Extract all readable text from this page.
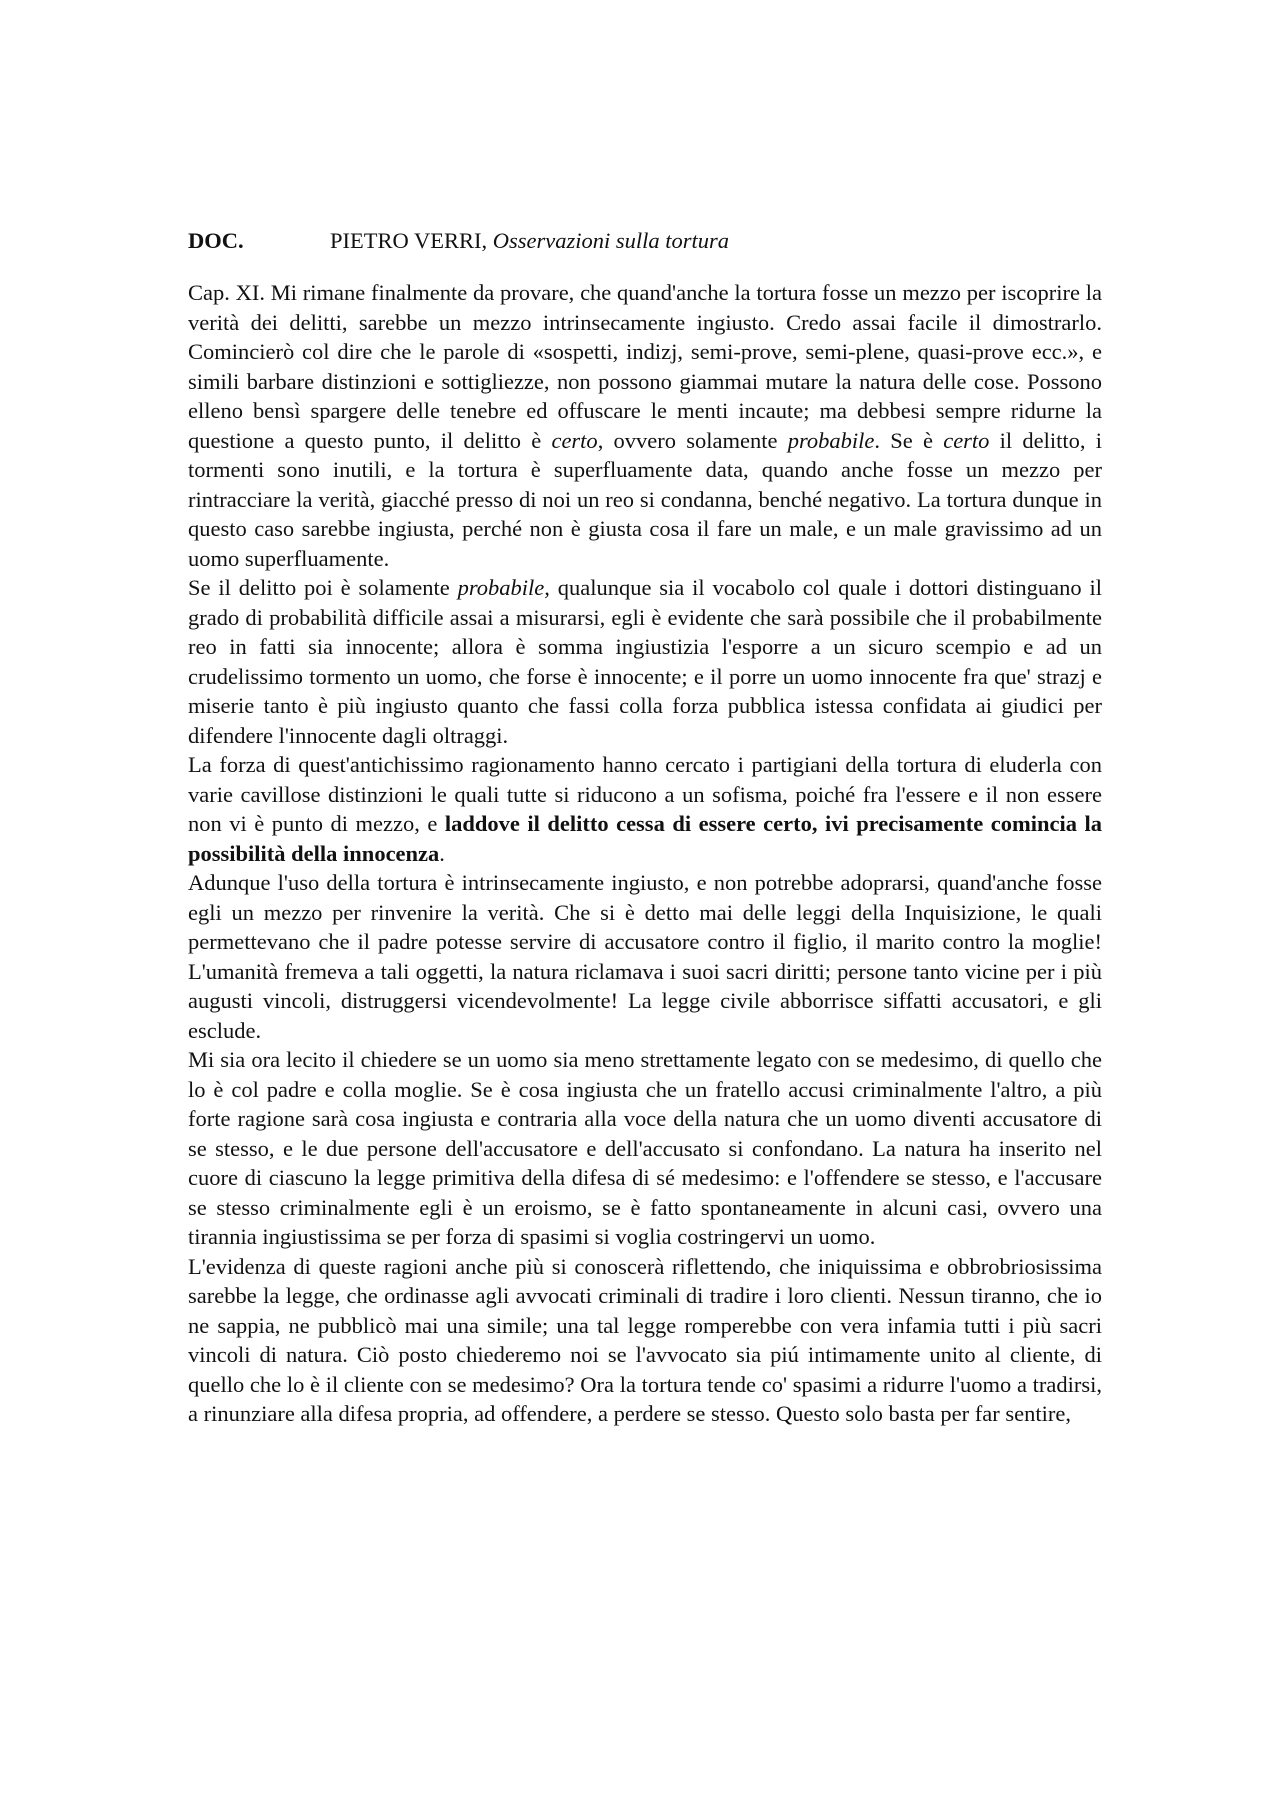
DOC.	PIETRO VERRI, Osservazioni sulla tortura

Cap. XI. Mi rimane finalmente da provare, che quand'anche la tortura fosse un mezzo per iscoprire la verità dei delitti, sarebbe un mezzo intrinsecamente ingiusto. Credo assai facile il dimostrarlo. Comincierò col dire che le parole di «sospetti, indizj, semi-prove, semi-plene, quasi-prove ecc.», e simili barbare distinzioni e sottigliezze, non possono giammai mutare la natura delle cose. Possono elleno bensì spargere delle tenebre ed offuscare le menti incaute; ma debbesi sempre ridurne la questione a questo punto, il delitto è certo, ovvero solamente probabile. Se è certo il delitto, i tormenti sono inutili, e la tortura è superfluamente data, quando anche fosse un mezzo per rintracciare la verità, giacché presso di noi un reo si condanna, benché negativo. La tortura dunque in questo caso sarebbe ingiusta, perché non è giusta cosa il fare un male, e un male gravissimo ad un uomo superfluamente.

Se il delitto poi è solamente probabile, qualunque sia il vocabolo col quale i dottori distinguano il grado di probabilità difficile assai a misurarsi, egli è evidente che sarà possibile che il probabilmente reo in fatti sia innocente; allora è somma ingiustizia l'esporre a un sicuro scempio e ad un crudelissimo tormento un uomo, che forse è innocente; e il porre un uomo innocente fra que' strazj e miserie tanto è più ingiusto quanto che fassi colla forza pubblica istessa confidata ai giudici per difendere l'innocente dagli oltraggi.

La forza di quest'antichissimo ragionamento hanno cercato i partigiani della tortura di eluderla con varie cavillose distinzioni le quali tutte si riducono a un sofisma, poiché fra l'essere e il non essere non vi è punto di mezzo, e laddove il delitto cessa di essere certo, ivi precisamente comincia la possibilità della innocenza.

Adunque l'uso della tortura è intrinsecamente ingiusto, e non potrebbe adoprarsi, quand'anche fosse egli un mezzo per rinvenire la verità. Che si è detto mai delle leggi della Inquisizione, le quali permettevano che il padre potesse servire di accusatore contro il figlio, il marito contro la moglie! L'umanità fremeva a tali oggetti, la natura riclamava i suoi sacri diritti; persone tanto vicine per i più augusti vincoli, distruggersi vicendevolmente! La legge civile abborrisce siffatti accusatori, e gli esclude.

Mi sia ora lecito il chiedere se un uomo sia meno strettamente legato con se medesimo, di quello che lo è col padre e colla moglie. Se è cosa ingiusta che un fratello accusi criminalmente l'altro, a più forte ragione sarà cosa ingiusta e contraria alla voce della natura che un uomo diventi accusatore di se stesso, e le due persone dell'accusatore e dell'accusato si confondano. La natura ha inserito nel cuore di ciascuno la legge primitiva della difesa di sé medesimo: e l'offendere se stesso, e l'accusare se stesso criminalmente egli è un eroismo, se è fatto spontaneamente in alcuni casi, ovvero una tirannia ingiustissima se per forza di spasimi si voglia costringervi un uomo.

L'evidenza di queste ragioni anche più si conoscerà riflettendo, che iniquissima e obbrobriosissima sarebbe la legge, che ordinasse agli avvocati criminali di tradire i loro clienti. Nessun tiranno, che io ne sappia, ne pubblicò mai una simile; una tal legge romperebbe con vera infamia tutti i più sacri vincoli di natura. Ciò posto chiederemo noi se l'avvocato sia piú intimamente unito al cliente, di quello che lo è il cliente con se medesimo? Ora la tortura tende co' spasimi a ridurre l'uomo a tradirsi, a rinunziare alla difesa propria, ad offendere, a perdere se stesso. Questo solo basta per far sentire,
